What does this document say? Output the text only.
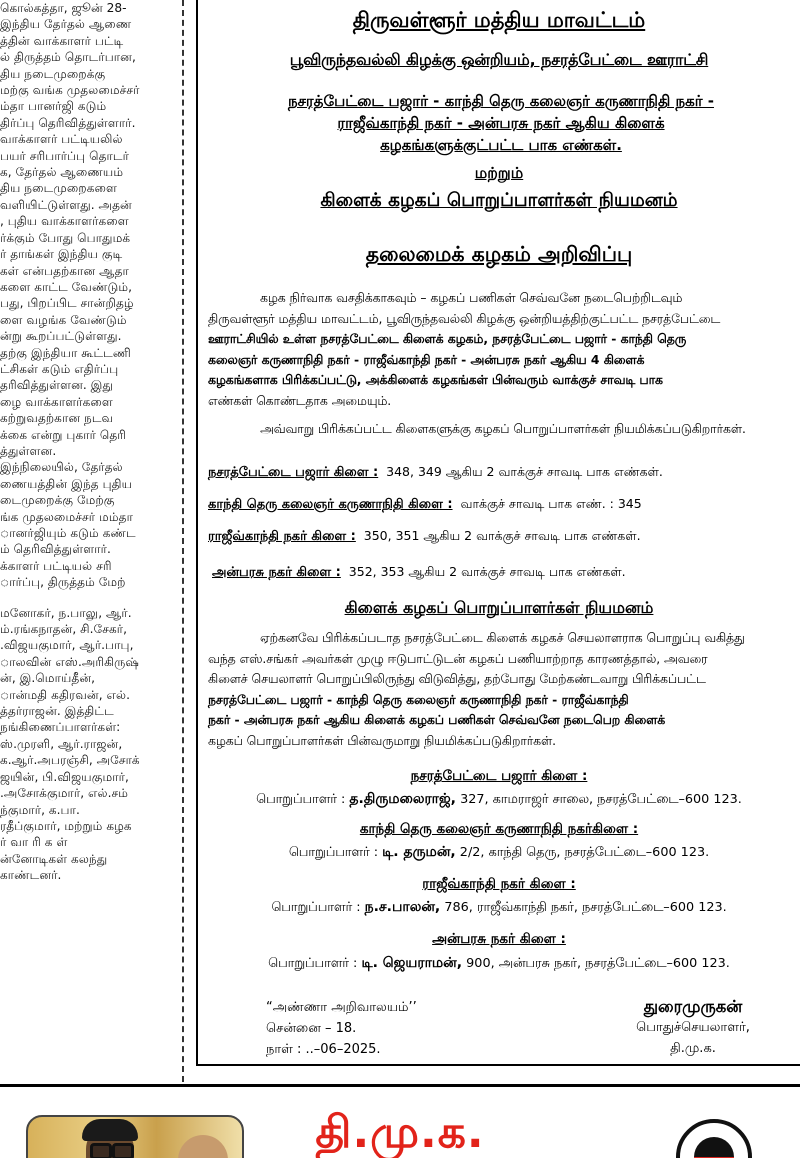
கொல்கத்தா, ஜூன் 28-
இந்திய தேர்தல் ஆணை
த்தின் வாக்காளர் பட்டி
ல் திருத்தம் தொடர்பான,
திய நடைமுறைக்கு
மற்கு வங்க முதலமைச்சர்
ம்தா பானர்ஜி கடும்
திர்ப்பு தெரிவித்துள்ளார்.
வாக்காளர் பட்டியலில்
பயர் சரிபார்ப்பு தொடர்
க, தேர்தல் ஆணையம்
திய நடைமுறைகளை
வளியிட்டுள்ளது. அதன்
, புதிய வாக்காளர்களை
ர்க்கும் போது பொதுமக்
ர் தாங்கள் இந்திய குடி
கள் என்பதற்கான ஆதா
களை காட்ட வேண்டும்,
பது, பிறப்பிட சான்றிதழ்
ளை வழங்க வேண்டும்
ன்று கூறப்பட்டுள்ளது.
தற்கு இந்தியா கூட்டணி
ட்சிகள் கடும் எதிர்ப்பு
தரிவித்துள்ளன. இது
ழை வாக்காளர்களை
கற்றுவதற்கான நடவ
க்கை என்று புகார் தெரி
த்துள்ளன.
இந்நிலையில், தேர்தல்
ணையத்தின் இந்த புதிய
டைமுறைக்கு மேற்கு
ங்க முதலமைச்சர் மம்தா
ானர்ஜியும் கடும் கண்ட
ம் தெரிவித்துள்ளார்.
க்காளர் பட்டியல் சரி
ார்ப்பு, திருத்தம் மேற்
மனோகர், ந.பாலு, ஆர்.
ம்.ரங்கநாதன், சி.சேகர்,
.விஜயகுமார், ஆர்.பாபு,
ாலவின் எஸ்.அரிகிருஷ்
ன், இ.மொய்தீன்,
ான்மதி கதிரவன், எல்.
த்தர்ராஜன். இத்திட்ட
நங்கிணைப்பாளர்கள்:
ஸ்.முரளி, ஆர்.ராஜன்,
க.ஆர்.அபரஞ்சி, அசோக்
ஜயின், பி.விஜயகுமார்,
.அசோக்குமார், எல்.சம்
ந்குமார், க.பா.
ரதீப்குமார், மற்றும் கழக
ர் வா ரி க ள்
ன்னோடிகள் கலந்து
காண்டனர்.
திருவள்ளூர் மத்திய மாவட்டம்
பூவிருந்தவல்லி கிழக்கு ஒன்றியம், நசரத்பேட்டை ஊராட்சி
நசரத்பேட்டை பஜார் - காந்தி தெரு கலைஞர் கருணாநிதி நகர் -
ராஜீவ்காந்தி நகர் - அன்பரசு நகர் ஆகிய கிளைக்
கழகங்களுக்குட்பட்ட பாக எண்கள்.
மற்றும்
கிளைக் கழகப் பொறுப்பாளர்கள் நியமனம்
தலைமைக் கழகம் அறிவிப்பு
கழக நிர்வாக வசதிக்காகவும் – கழகப் பணிகள் செவ்வனே நடைபெற்றிடவும்
திருவள்ளூர் மத்திய மாவட்டம், பூவிருந்தவல்லி கிழக்கு ஒன்றியத்திற்குட்பட்ட நசரத்பேட்டை
ஊராட்சியில் உள்ள நசரத்பேட்டை கிளைக் கழகம், நசரத்பேட்டை பஜார் - காந்தி தெரு
கலைஞர் கருணாநிதி நகர் - ராஜீவ்காந்தி நகர் - அன்பரசு நகர் ஆகிய 4 கிளைக்
கழகங்களாக பிரிக்கப்பட்டு, அக்கிளைக் கழகங்கள் பின்வரும் வாக்குச் சாவடி பாக
எண்கள் கொண்டதாக அமையும்.
அவ்வாறு பிரிக்கப்பட்ட கிளைகளுக்கு கழகப் பொறுப்பாளர்கள் நியமிக்கப்படுகிறார்கள்.
நசரத்பேட்டை பஜார் கிளை : 348, 349 ஆகிய 2 வாக்குச் சாவடி பாக எண்கள்.
காந்தி தெரு கலைஞர் கருணாநிதி கிளை : வாக்குச் சாவடி பாக எண். : 345
ராஜீவ்காந்தி நகர் கிளை : 350, 351 ஆகிய 2 வாக்குச் சாவடி பாக எண்கள்.
அன்பரசு நகர் கிளை : 352, 353 ஆகிய 2 வாக்குச் சாவடி பாக எண்கள்.
கிளைக் கழகப் பொறுப்பாளர்கள் நியமனம்
ஏற்கனவே பிரிக்கப்படாத நசரத்பேட்டை கிளைக் கழகச் செயலாளராக பொறுப்பு வகித்து
வந்த எஸ்.சங்கர் அவர்கள் முழு ஈடுபாட்டுடன் கழகப் பணியாற்றாத காரணத்தால், அவரை
கிளைச் செயலாளர் பொறுப்பிலிருந்து விடுவித்து, தற்போது மேற்கண்டவாறு பிரிக்கப்பட்ட
நசரத்பேட்டை பஜார் - காந்தி தெரு கலைஞர் கருணாநிதி நகர் - ராஜீவ்காந்தி
நகர் - அன்பரசு நகர் ஆகிய கிளைக் கழகப் பணிகள் செவ்வனே நடைபெற கிளைக்
கழகப் பொறுப்பாளர்கள் பின்வருமாறு நியமிக்கப்படுகிறார்கள்.
நசரத்பேட்டை பஜார் கிளை :
பொறுப்பாளர் : த.திருமலைராஜ், 327, காமராஜர் சாலை, நசரத்பேட்டை–600 123.
காந்தி தெரு கலைஞர் கருணாநிதி நகர்கிளை :
பொறுப்பாளர் : டி. தருமன், 2/2, காந்தி தெரு, நசரத்பேட்டை–600 123.
ராஜீவ்காந்தி நகர் கிளை :
பொறுப்பாளர் : ந.ச.பாலன், 786, ராஜீவ்காந்தி நகர், நசரத்பேட்டை–600 123.
அன்பரசு நகர் கிளை :
பொறுப்பாளர் : டி. ஜெயராமன், 900, அன்பரசு நகர், நசரத்பேட்டை–600 123.
“அண்ணா அறிவாலயம்’’
சென்னை – 18.
நாள் : ..–06–2025.
துரைமுருகன்
பொதுச்செயலாளர்,
தி.மு.க.
தி.மு.க.
